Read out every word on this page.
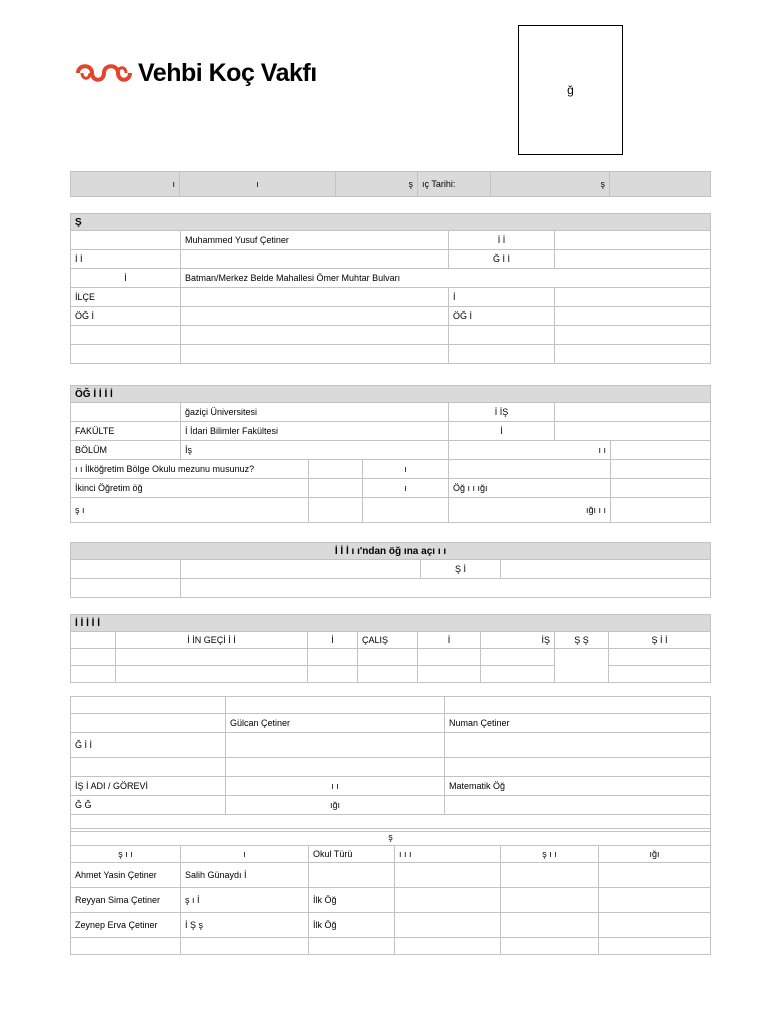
Vehbi Koç Vakfı
ğ
ı	ı	ş	ıç Tarihi:	ş	
Ş			
	Muhammed Yusuf Çetiner	İ İ	
İ İ		Ğ İ İ	
İ	Batman/Merkez Belde Mahallesi Ömer Muhtar Bulvarı		
İLÇE		İ	
ÖĞ İ		ÖĞ İ	

ÖĞ İ İ İ İ						
	ğaziçi Üniversitesi			İ İŞ		
FAKÜLTE	İ İdari Bilimler Fakültesi			İ		
BÖLÜM	İş			ı ı		
ı ı İlköğretim Bölge Okulu mezunu musunuz?			ı			
İkinci Öğretim öğ			ı	Öğ ı ı ığı		
ş ı				ığı ı ı		
İ İ İ ı ı'ndan öğ ına açı ı ı			
		Ş İ	

İ İ İ İ İ							
	İ İN GEÇİ İ İ	İ	ÇALIŞ	İ	İŞ	Ş Ş	Ş İ İ

	Gülcan Çetiner	Numan Çetiner
Ğ İ İ		

İŞ İ ADI / GÖREVİ	ı ı	Matematik Öğ
Ğ Ğ	ığı	

ş					
ş ı ı	ı	Okul Türü	ı ı ı	ş ı ı	ığı
Ahmet Yasin Çetiner	Salih Günaydı İ				
Reyyan Sima Çetiner	ş ı İ	İlk Öğ			
Zeynep Erva Çetiner	İ Ş ş	İlk Öğ			
